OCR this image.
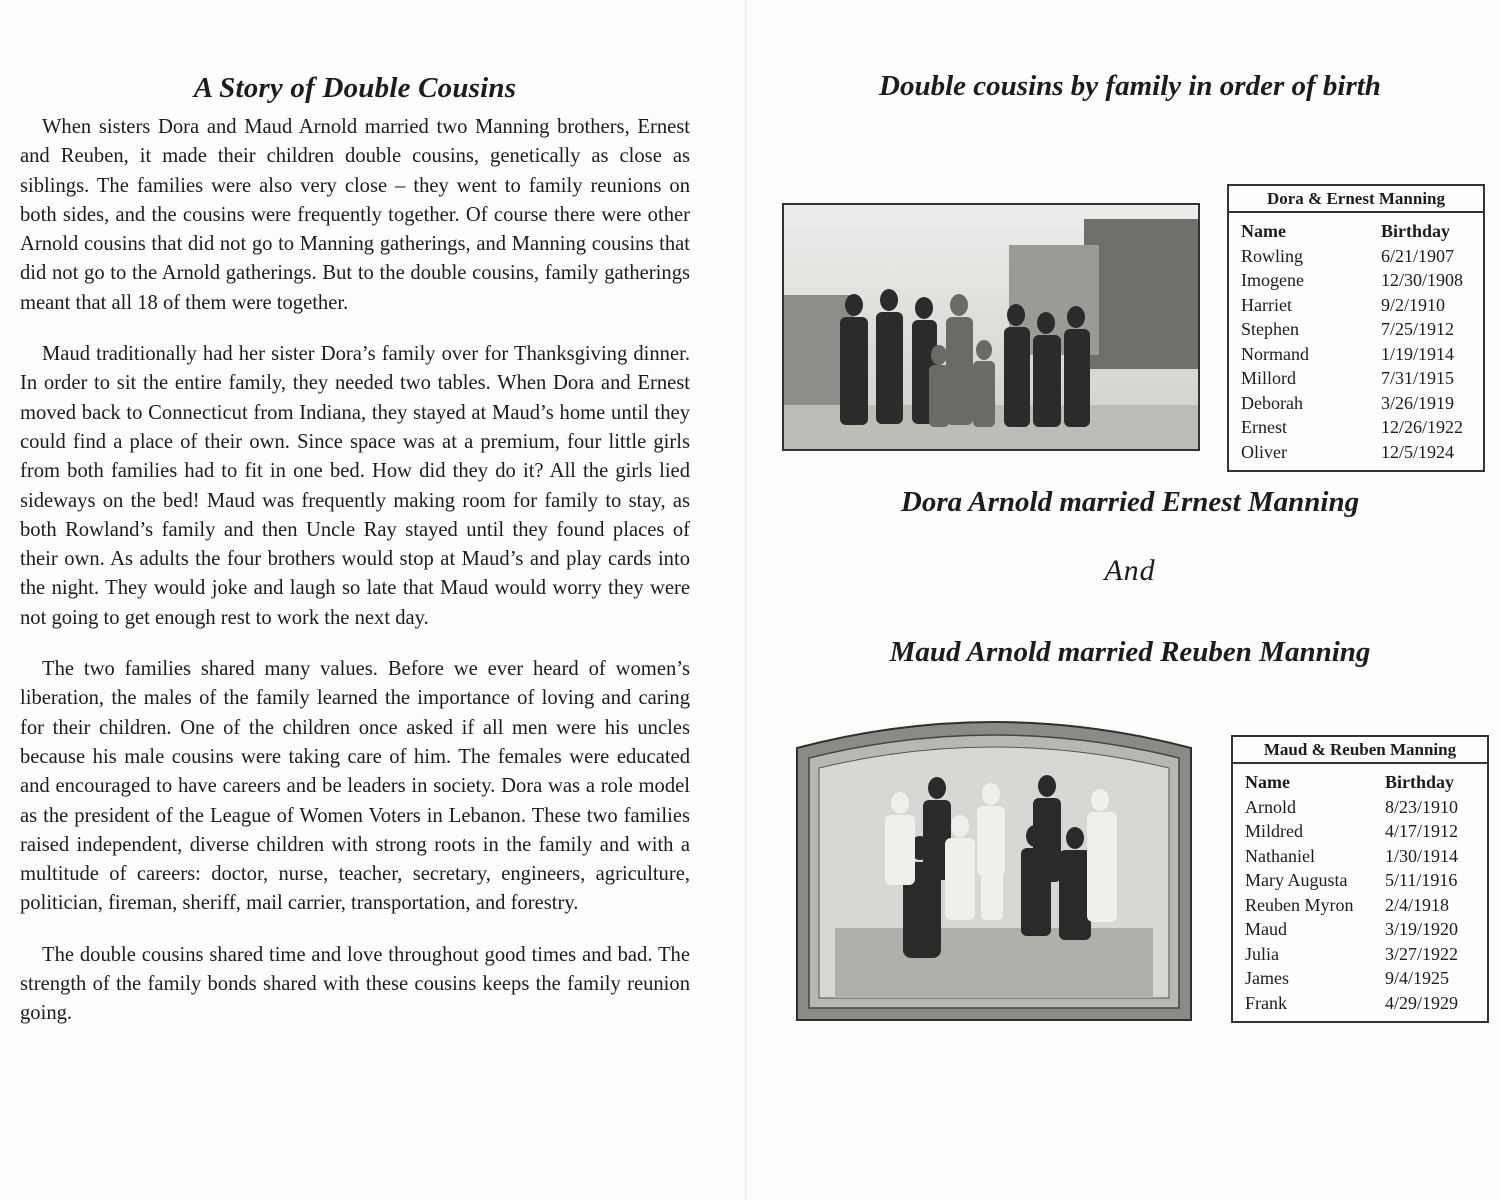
A Story of Double Cousins

When sisters Dora and Maud Arnold married two Manning brothers, Ernest and Reuben, it made their children double cousins, genetically as close as siblings. The families were also very close – they went to family reunions on both sides, and the cousins were frequently together. Of course there were other Arnold cousins that did not go to Manning gatherings, and Manning cousins that did not go to the Arnold gatherings. But to the double cousins, family gatherings meant that all 18 of them were together.

Maud traditionally had her sister Dora’s family over for Thanksgiving dinner. In order to sit the entire family, they needed two tables. When Dora and Ernest moved back to Connecticut from Indiana, they stayed at Maud’s home until they could find a place of their own. Since space was at a premium, four little girls from both families had to fit in one bed. How did they do it? All the girls lied sideways on the bed! Maud was frequently making room for family to stay, as both Rowland’s family and then Uncle Ray stayed until they found places of their own. As adults the four brothers would stop at Maud’s and play cards into the night. They would joke and laugh so late that Maud would worry they were not going to get enough rest to work the next day.

The two families shared many values. Before we ever heard of women’s liberation, the males of the family learned the importance of loving and caring for their children. One of the children once asked if all men were his uncles because his male cousins were taking care of him. The females were educated and encouraged to have careers and be leaders in society. Dora was a role model as the president of the League of Women Voters in Lebanon. These two families raised independent, diverse children with strong roots in the family and with a multitude of careers: doctor, nurse, teacher, secretary, engineers, agriculture, politician, fireman, sheriff, mail carrier, transportation, and forestry.

The double cousins shared time and love throughout good times and bad. The strength of the family bonds shared with these cousins keeps the family reunion going.

Double cousins by family in order of birth
Dora & Ernest Manning
Name	Birthday
Rowling	6/21/1907
Imogene	12/30/1908
Harriet	9/2/1910
Stephen	7/25/1912
Normand	1/19/1914
Millord	7/31/1915
Deborah	3/26/1919
Ernest	12/26/1922
Oliver	12/5/1924
Dora Arnold married Ernest Manning

And

Maud Arnold married Reuben Manning
Maud & Reuben Manning
Name	Birthday
Arnold	8/23/1910
Mildred	4/17/1912
Nathaniel	1/30/1914
Mary Augusta	5/11/1916
Reuben Myron	2/4/1918
Maud	3/19/1920
Julia	3/27/1922
James	9/4/1925
Frank	4/29/1929
